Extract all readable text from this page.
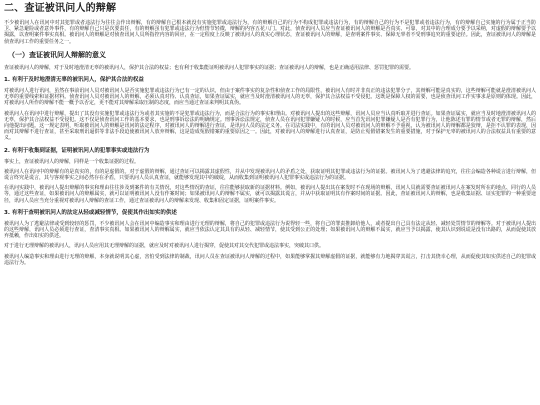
二、查证被讯问人的辩解

不少被讯问人在讯问中对其犯罪或者违法行为往往会作出辩解，有的辩解自己根本就没有实施犯罪或违法行为，有的辩解自己的行为不构成犯罪或违法行为，有的辩解自己的行为不是犯罪或者违法行为，有的辩解自己实施的行为属于正当防卫、紧急避险或者意外事件，有的辩解自己只是次要责任，有的辩解虽有犯罪或违法行为但情节轻微，辩解的内容五花八门。对此，侦查讯问人员应当查证被讯问人的辩解是否真实、可靠，对其中的合理成分要予以采纳，对虚假的辩解要予以揭露，以查明案件事实真相。被讯问人的辩解是对侦查讯问人员所指控内容的回应，在一定程度上反映了被讯问人的真实心理状态，查证被讯问人的辩解，是查明案件事实、保障无辜者不受刑事追究的重要途径。因此，查证被讯问人的辩解是侦查讯问工作的重要任务之一。

（一）查证被讯问人辩解的意义

查证被讯问人的辩解，对于及时地澄清无辜的被讯问人，保护其合法的权益；也有利于收集能证明被讯问人犯罪事实的证据；查证被讯问人的辩解，也是正确适用法律、惩罚犯罪的需要。

1. 有利于及时地澄清无辜的被讯问人，保护其合法的权益

对被讯问人进行讯问，虽然在事前讯问人员对被讯问人是否实施犯罪或违法行为已有一定的认识，但由于案件事实的复杂性和侦查工作的局限性，被讯问人有时并非真正的违法犯罪分子，其辩解可能是真实的，这些辩解可能就是澄清被讯问人无辜的重要线索和证据材料。侦查讯问人员对被讯问人的辩解，必须认真对待、认真查证，如果查证属实，就应当及时澄清被讯问人的无辜，保护其合法权益不受侵犯。这既是保障人权的需要，也是侦查讯问工作实事求是原则的体现。因此，对被讯问人所作的辩解不能一概予以否定，更不能对其辩解采取压制的态度，而应当通过查证来判明其真伪。

被讯问人在讯问中进行辩解，提出了其没有实施犯罪或违法行为或者其实施的不是犯罪或违法行为，而是合法行为的事实和理由。对被讯问人提出的这些辩解，讯问人员应当认真听取并进行查证。如果查证属实，就应当及时地澄清被讯问人的无辜，保护其合法权益不受侵犯。这不仅是侦查讯问工作的基本要求，也是刑事诉讼法的明确规定。刑事诉讼法规定，侦查人员在讯问犯罪嫌疑人的时候，应当首先讯问犯罪嫌疑人是否有犯罪行为，让他陈述有罪的情节或者无罪的辩解，然后向他提出问题。这一规定表明，听取被讯问人的辩解是讯问的法定程序，对被讯问人的辩解进行查证，是讯问人员的法定义务。在司法实践中，有的讯问人员对被讯问人的辩解不予重视，认为被讯问人的辩解都是狡辩，是拒不认罪的表现，因而对其辩解不进行查证，甚至采取刑讯逼供等非法手段迫使被讯问人放弃辩解，这是造成冤假错案的重要原因之一。因此，对被讯问人的辩解进行认真查证，是防止冤假错案发生的重要措施，对于保护无辜的被讯问人的合法权益具有重要的意义。

2. 有利于收集到证据，证明被讯问人的犯罪事实或违法行为

事实上，查证被讯问人的辩解，同样是一个收集证据的过程。

被讯问人在讯问中的辩解有的是真实的，有的是虚假的。对于虚假的辩解，通过查证可以揭露其虚假性，并从中发现被讯问人的矛盾之处，获取证明其犯罪或违法行为的证据。被讯问人为了逃避法律的追究，往往会编造各种谎言进行辩解，但谎言终究是谎言，其与客观事实之间必然存在矛盾，只要讯问人员认真查证，就能够发现其中的破绽，从而收集到证明被讯问人犯罪事实或违法行为的证据。

在讯问实践中，被讯问人提出辩解的事实和理由往往涉及到案件的有关情况，对这些情况的查证，往往能够获取新的证据材料。例如，被讯问人提出其在案发时不在现场的辩解，讯问人员就需要查证被讯问人在案发时所在的地点、同行的人员等，通过这些查证，如果被讯问人的辩解属实，就可以证明被讯问人没有作案时间；如果被讯问人的辩解不属实，就可以揭露其谎言，并从中获取证明其有作案时间的证据。因此，查证被讯问人的辩解，也是收集证据、证实犯罪的一种重要途径，讯问人员应当充分重视对被讯问人辩解的查证工作，通过查证被讯问人的辩解来发现、收集和固定证据，证明案件事实。

3. 有利于查明被讯问人的法定从轻或减轻情节，促使其作出如实的供述

被讯问人为了逃避法律或受到较轻的惩罚，不少被讯问人会在讯问中编造事实和理由进行无理的辩解，将自己的犯罪或违法行为说得轻一些，将自己的罪责推卸给他人，或者提出自己具有法定从轻、减轻处罚情节的辩解等。对于被讯问人提出的这些辩解，讯问人员必须进行查证，查清事实真相。如果被讯问人的辩解属实，就应当依法认定其具有的从轻、减轻情节，使其受到公正的处理；如果被讯问人的辩解不属实，就应当予以揭露，使其认识到说谎是没有出路的，从而促使其放弃抵赖，作出如实的供述。

对于进行无理辩解的被讯问人，讯问人员应用其无理辩解的证据，就应及时对被讯问人进行揭穿，促使其对其交代犯罪或违法事实，突破其口供。

被讯问人编造事实和理由进行无理的辩解，本身就说明其心虚，害怕受到法律的制裁，讯问人员在查证被讯问人辩解的过程中，如果能够掌握其辩解虚假的证据，就能够有力地揭穿其谎言，打击其侥幸心理，从而促使其如实供述自己的犯罪或违法行为。
